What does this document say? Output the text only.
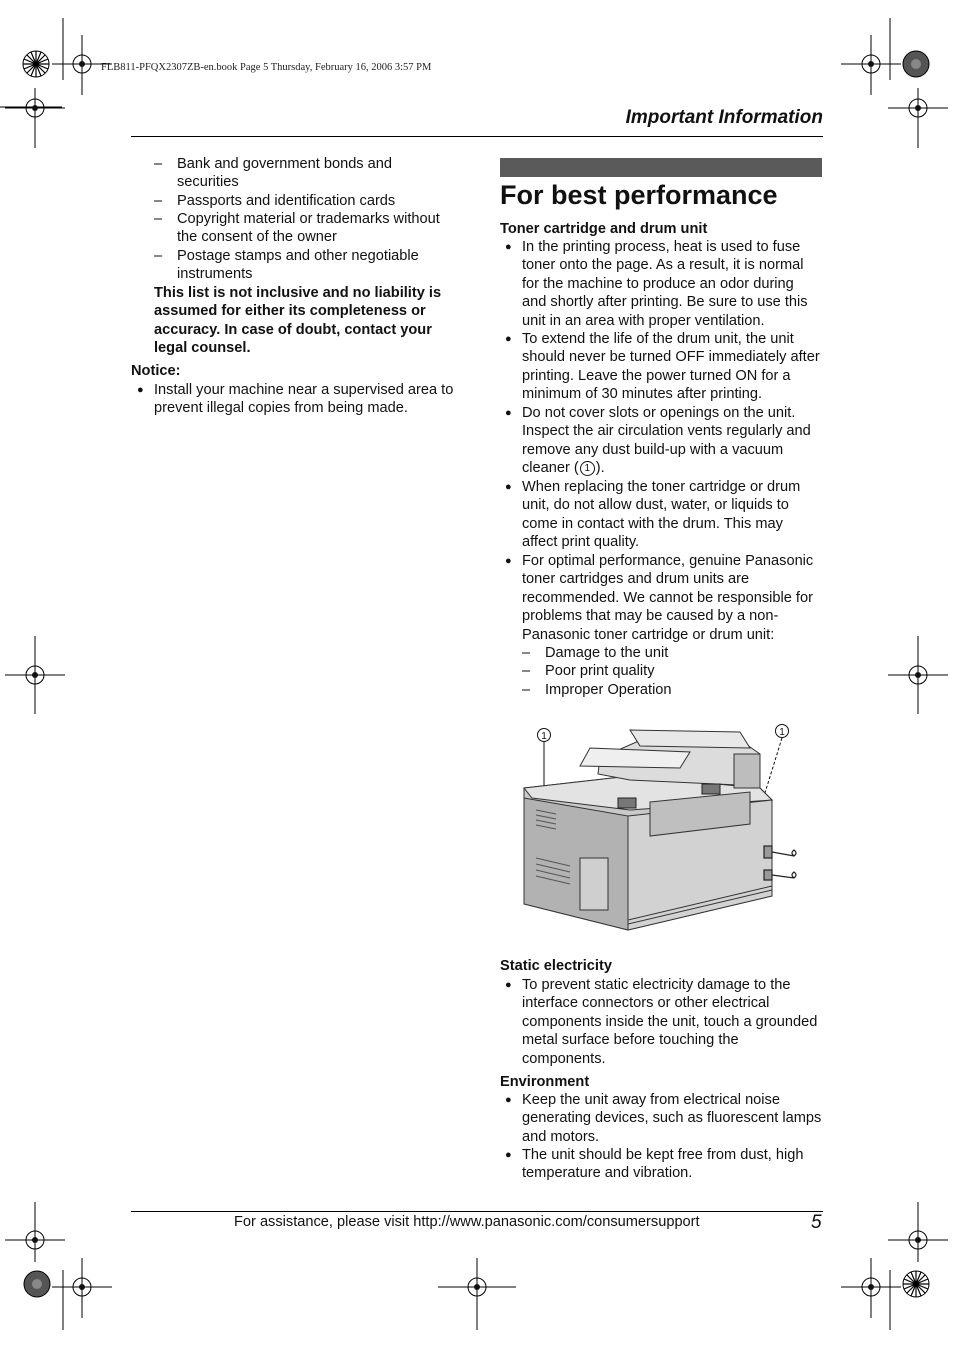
FLB811-PFQX2307ZB-en.book Page 5 Thursday, February 16, 2006 3:57 PM
Important Information
– Bank and government bonds and securities
– Passports and identification cards
– Copyright material or trademarks without the consent of the owner
– Postage stamps and other negotiable instruments
This list is not inclusive and no liability is assumed for either its completeness or accuracy. In case of doubt, contact your legal counsel.
Notice:
● Install your machine near a supervised area to prevent illegal copies from being made.
For best performance
Toner cartridge and drum unit
● In the printing process, heat is used to fuse toner onto the page. As a result, it is normal for the machine to produce an odor during and shortly after printing. Be sure to use this unit in an area with proper ventilation.
● To extend the life of the drum unit, the unit should never be turned OFF immediately after printing. Leave the power turned ON for a minimum of 30 minutes after printing.
● Do not cover slots or openings on the unit. Inspect the air circulation vents regularly and remove any dust build-up with a vacuum cleaner ( 1 ).
● When replacing the toner cartridge or drum unit, do not allow dust, water, or liquids to come in contact with the drum. This may affect print quality.
● For optimal performance, genuine Panasonic toner cartridges and drum units are recommended. We cannot be responsible for problems that may be caused by a non-Panasonic toner cartridge or drum unit:
– Damage to the unit
– Poor print quality
– Improper Operation
1	1
Static electricity
● To prevent static electricity damage to the interface connectors or other electrical components inside the unit, touch a grounded metal surface before touching the components.
Environment
● Keep the unit away from electrical noise generating devices, such as fluorescent lamps and motors.
● The unit should be kept free from dust, high temperature and vibration.
For assistance, please visit http://www.panasonic.com/consumersupport	5
